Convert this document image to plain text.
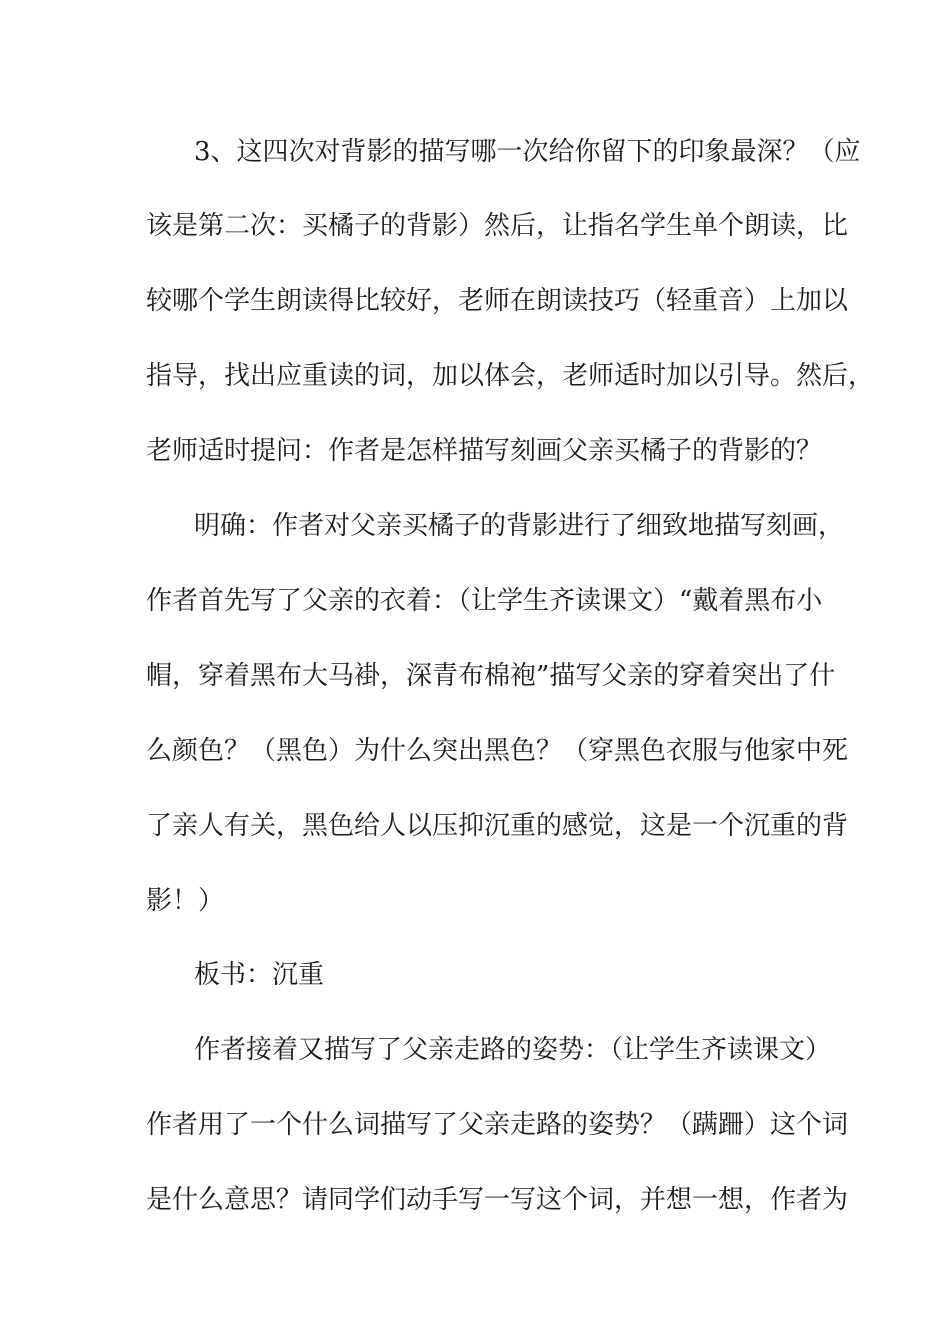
3、这四次对背影的描写哪一次给你留下的印象最深？（应
该是第二次：买橘子的背影）然后，让指名学生单个朗读，比
较哪个学生朗读得比较好，老师在朗读技巧（轻重音）上加以
指导，找出应重读的词，加以体会，老师适时加以引导。然后，
老师适时提问：作者是怎样描写刻画父亲买橘子的背影的？
明确：作者对父亲买橘子的背影进行了细致地描写刻画，
作者首先写了父亲的衣着：（让学生齐读课文）“戴着黑布小
帽，穿着黑布大马褂，深青布棉袍”描写父亲的穿着突出了什
么颜色？（黑色）为什么突出黑色？（穿黑色衣服与他家中死
了亲人有关，黑色给人以压抑沉重的感觉，这是一个沉重的背
影！）
板书：沉重
作者接着又描写了父亲走路的姿势：（让学生齐读课文）
作者用了一个什么词描写了父亲走路的姿势？（蹒跚）这个词
是什么意思？请同学们动手写一写这个词，并想一想，作者为
